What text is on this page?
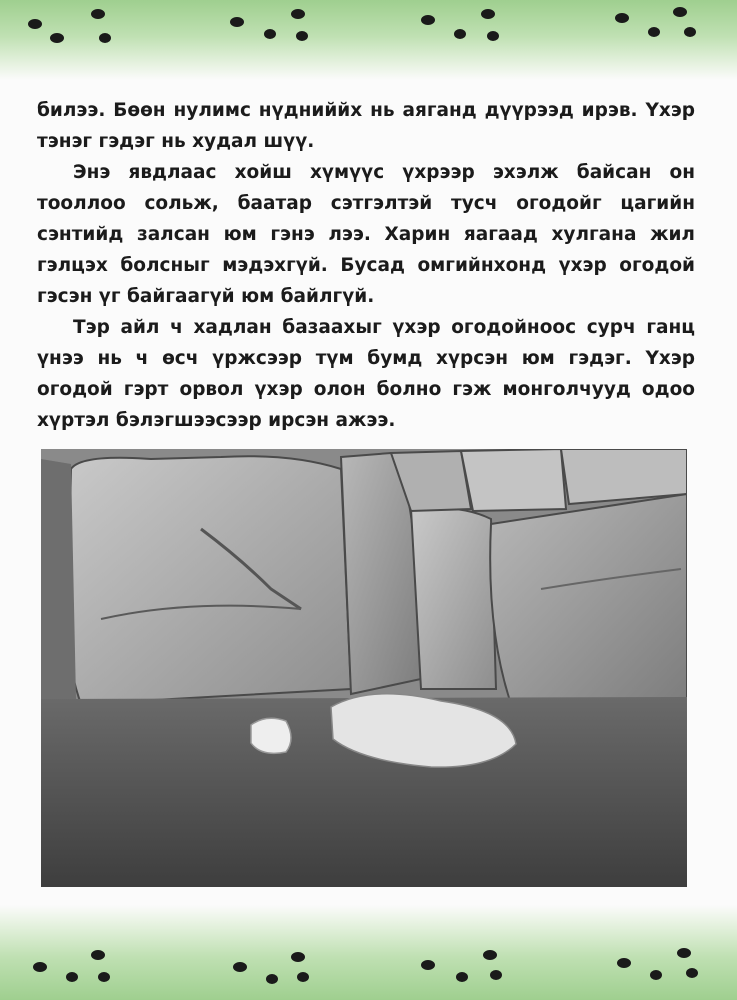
билээ. Бөөн нулимс нүдниййх нь аяганд дүүрээд ирэв. Үхэр тэнэг гэдэг нь худал шүү.

Энэ явдлаас хойш хүмүүс үхрээр эхэлж байсан он тооллоо сольж, баатар сэтгэлтэй тусч огодойг цагийн сэнтийд залсан юм гэнэ лээ. Харин яагаад хулгана жил гэлцэх болсныг мэдэхгүй. Бусад омгийнхонд үхэр огодой гэсэн үг байгаагүй юм байлгүй.

Тэр айл ч хадлан базаахыг үхэр огодойноос сурч ганц үнээ нь ч өсч үржсээр түм бумд хүрсэн юм гэдэг. Үхэр огодой гэрт орвол үхэр олон болно гэж монголчууд одоо хүртэл бэлэгшээсээр ирсэн ажээ.
